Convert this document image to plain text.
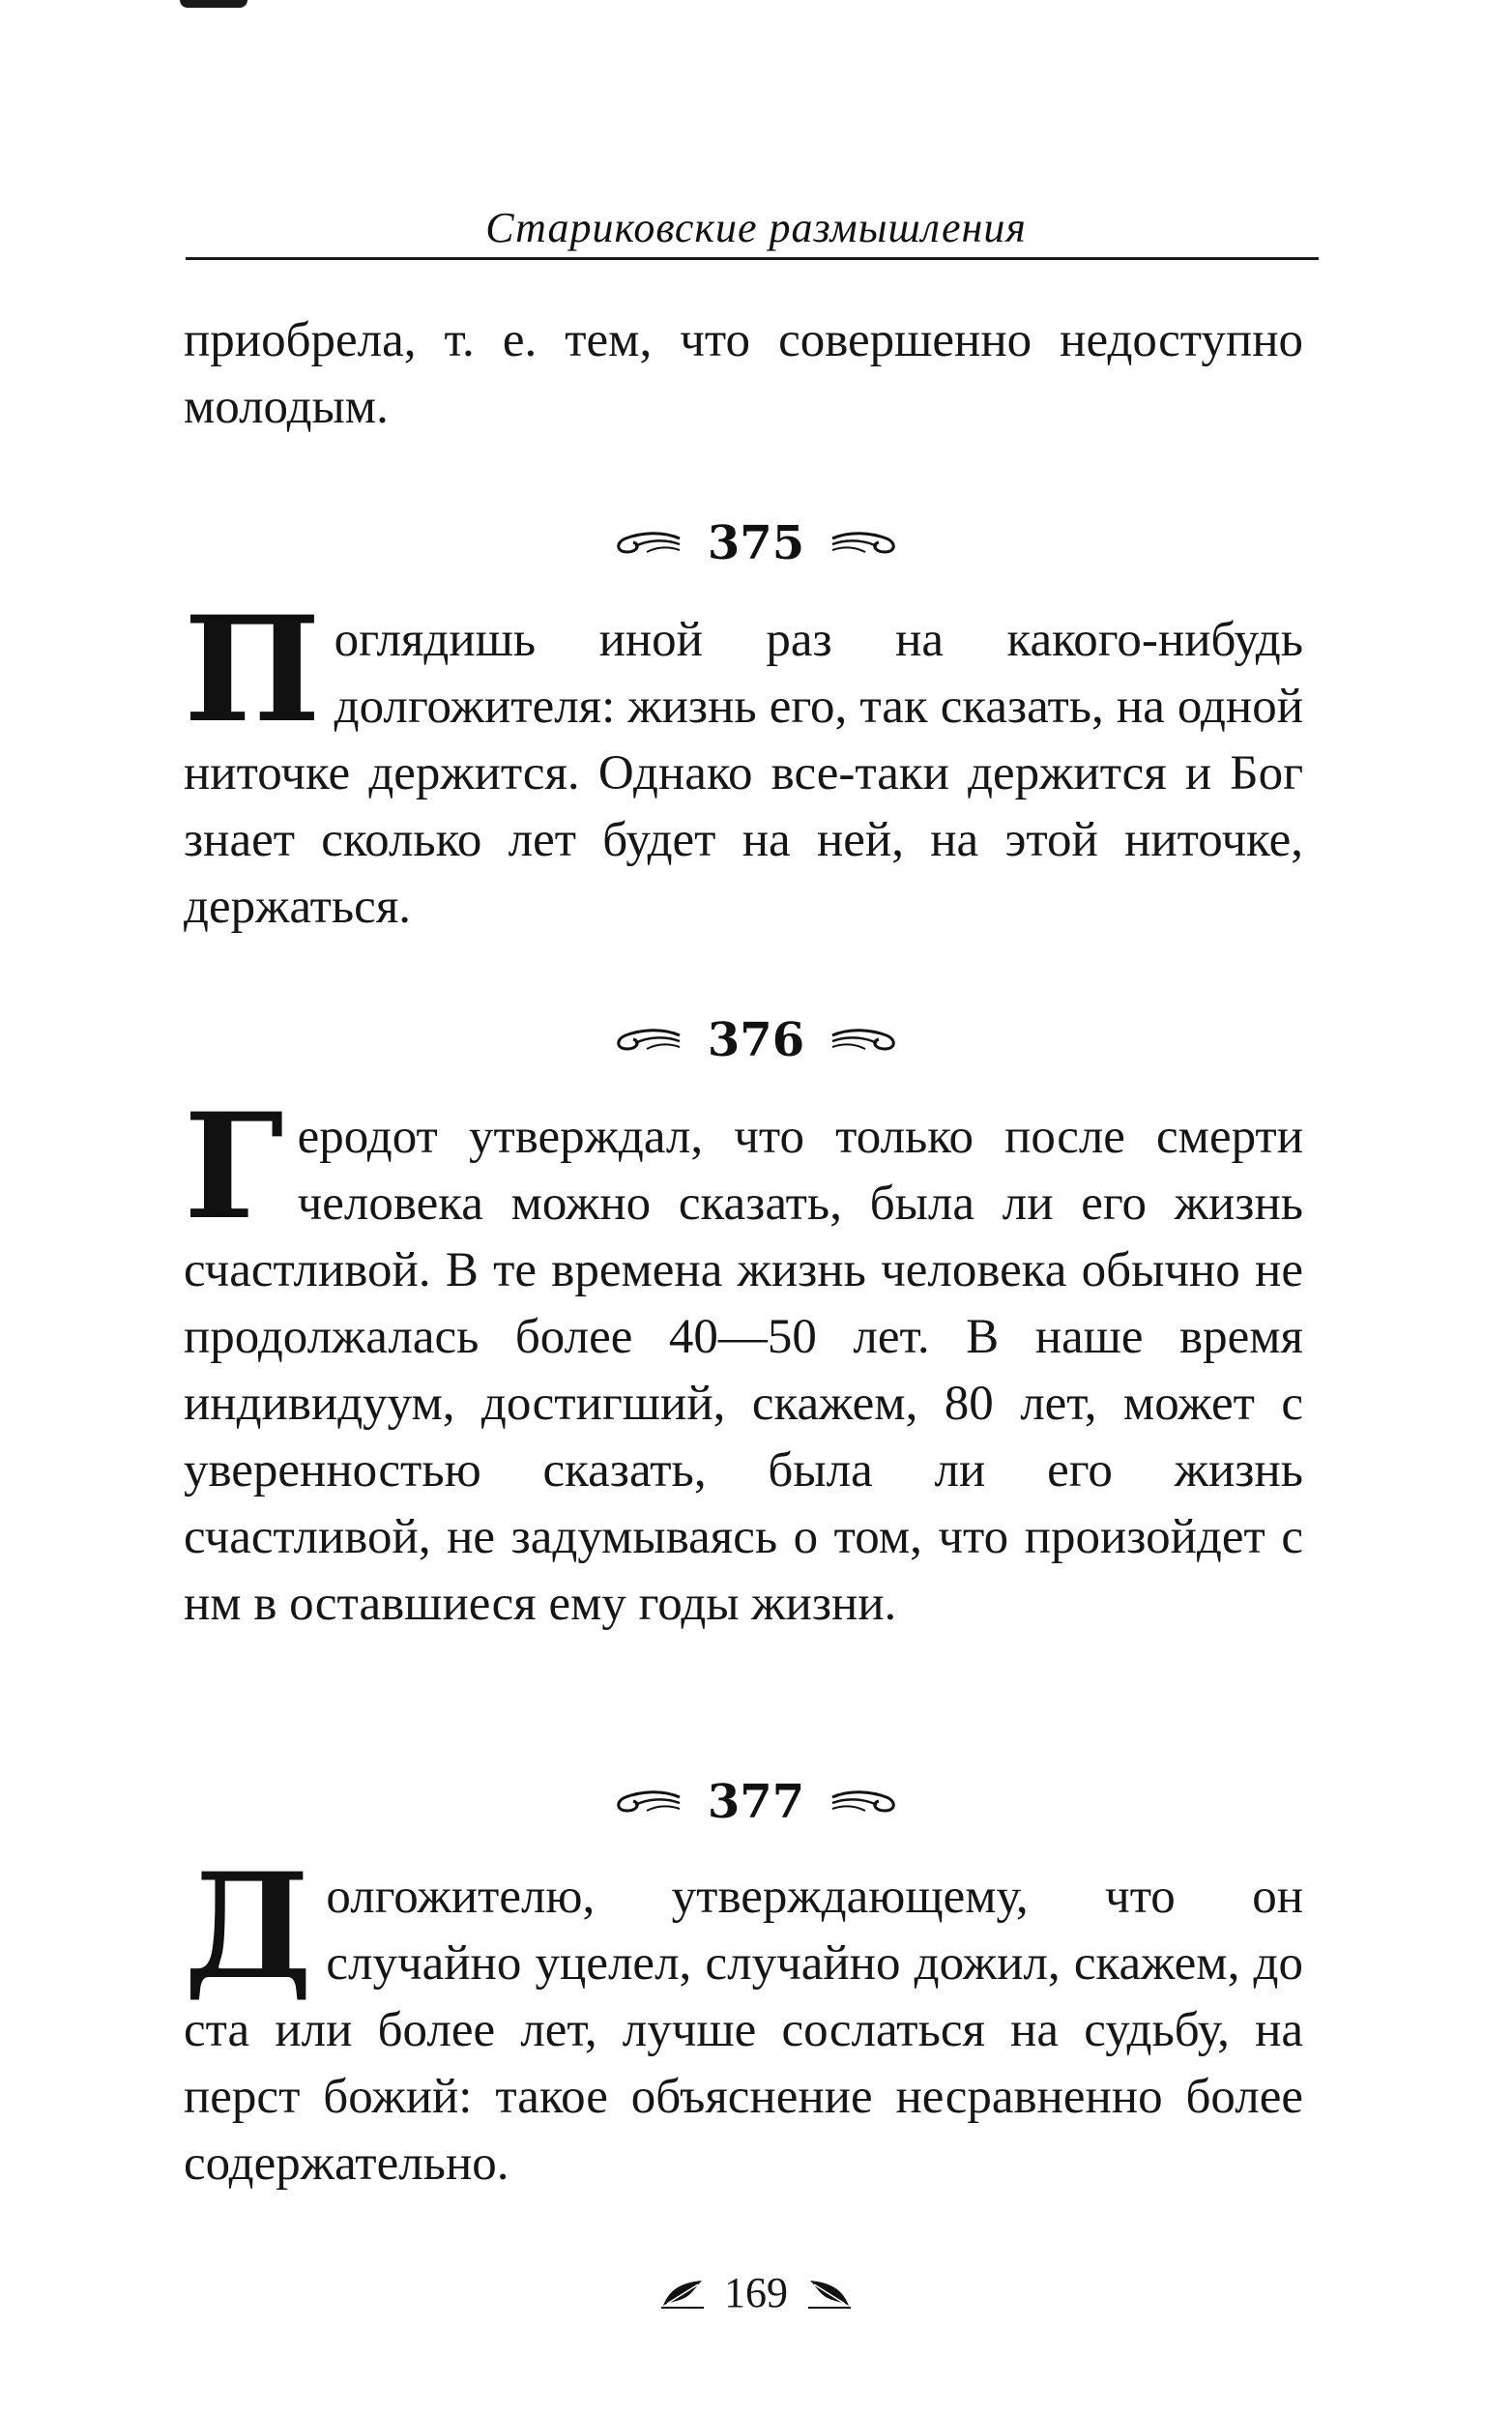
Стариковские размышления

приобрела, т. е. тем, что совершенно недоступно молодым.

375
П оглядишь иной раз на какого-нибудь долгожителя: жизнь его, так сказать, на одной ниточке держится. Однако все-таки держится и Бог знает сколько лет будет на ней, на этой ниточке, держаться.

376
Г еродот утверждал, что только после смерти человека можно сказать, была ли его жизнь счастливой. В те времена жизнь человека обычно не продолжалась более 40—50 лет. В наше время индивидуум, достигший, скажем, 80 лет, может с уверенностью сказать, была ли его жизнь счастливой, не задумываясь о том, что произойдет с нм в оставшиеся ему годы жизни.

377
Д олгожителю, утверждающему, что он случайно уцелел, случайно дожил, скажем, до ста или более лет, лучше сослаться на судьбу, на перст божий: такое объяснение несравненно более содержательно.

169
